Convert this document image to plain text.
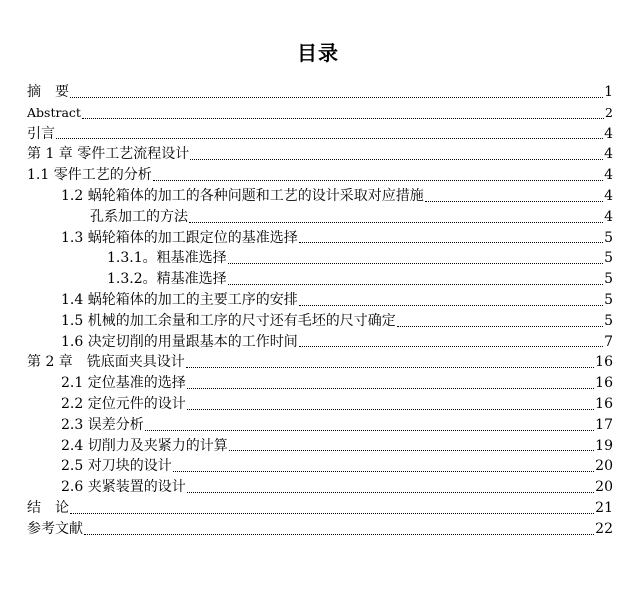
目录
摘　要	1
Abstract	2
引言	4
第 1 章 零件工艺流程设计	4
1.1 零件工艺的分析	4
1.2 蜗轮箱体的加工的各种问题和工艺的设计采取对应措施	4
孔系加工的方法	4
1.3 蜗轮箱体的加工跟定位的基准选择	5
1.3.1。粗基准选择	5
1.3.2。精基准选择	5
1.4 蜗轮箱体的加工的主要工序的安排	5
1.5 机械的加工余量和工序的尺寸还有毛坯的尺寸确定	5
1.6 决定切削的用量跟基本的工作时间	7
第 2 章　铣底面夹具设计	16
2.1 定位基准的选择	16
2.2 定位元件的设计	16
2.3 误差分析	17
2.4 切削力及夹紧力的计算	19
2.5 对刀块的设计	20
2.6 夹紧装置的设计	20
结　论	21
参考文献	22
